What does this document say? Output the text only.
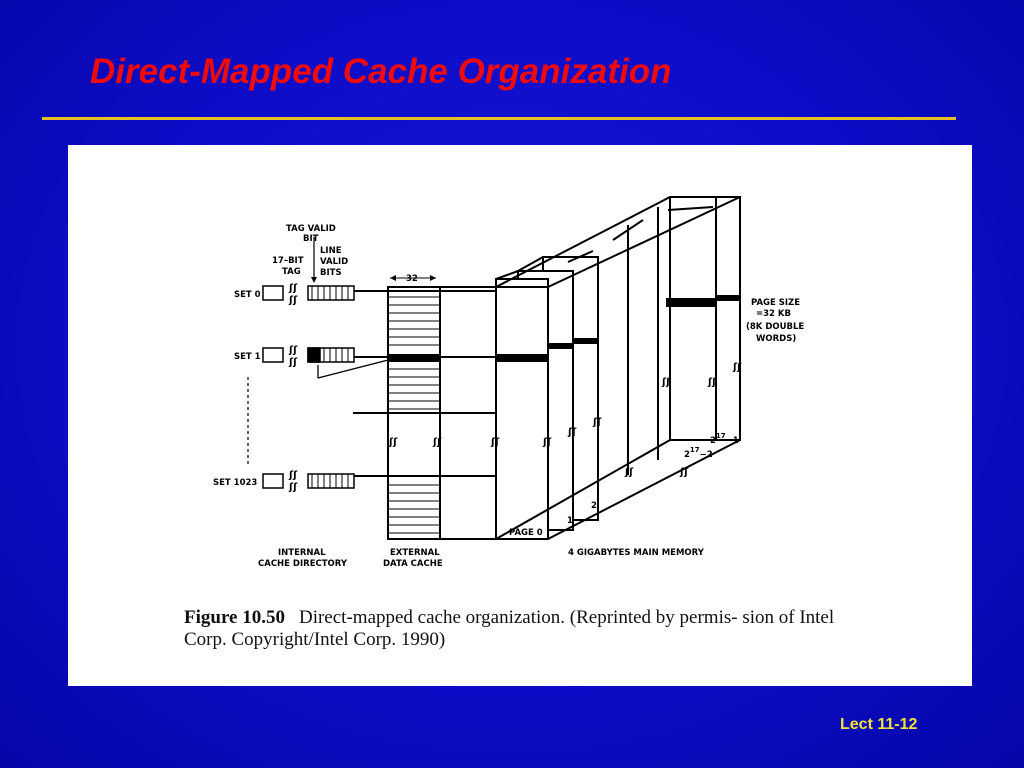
Direct-Mapped Cache Organization
ʃʃ
ʃʃ
ʃʃ
ʃʃ
ʃʃ
ʃʃ
ʃʃ	ʃʃ	ʃʃ	ʃʃ
ʃʃ
ʃʃ
ʃʃ	ʃʃ
ʃʃ
ʃʃ	ʃʃ
TAG VALID
BIT
LINE
VALID
BITS
17–BIT
TAG
32
SET 0
SET 1
SET 1023
INTERNAL
CACHE DIRECTORY
EXTERNAL
DATA CACHE
4 GIGABYTES MAIN MEMORY
PAGE SIZE
=32 KB
(8K DOUBLE
WORDS)
PAGE 0
1
2
$2^{17}-2$
$2^{17}-1$
Figure 10.50 Direct-mapped cache organization. (Reprinted by permis- sion of Intel Corp. Copyright/Intel Corp. 1990)
Lect 11-12
